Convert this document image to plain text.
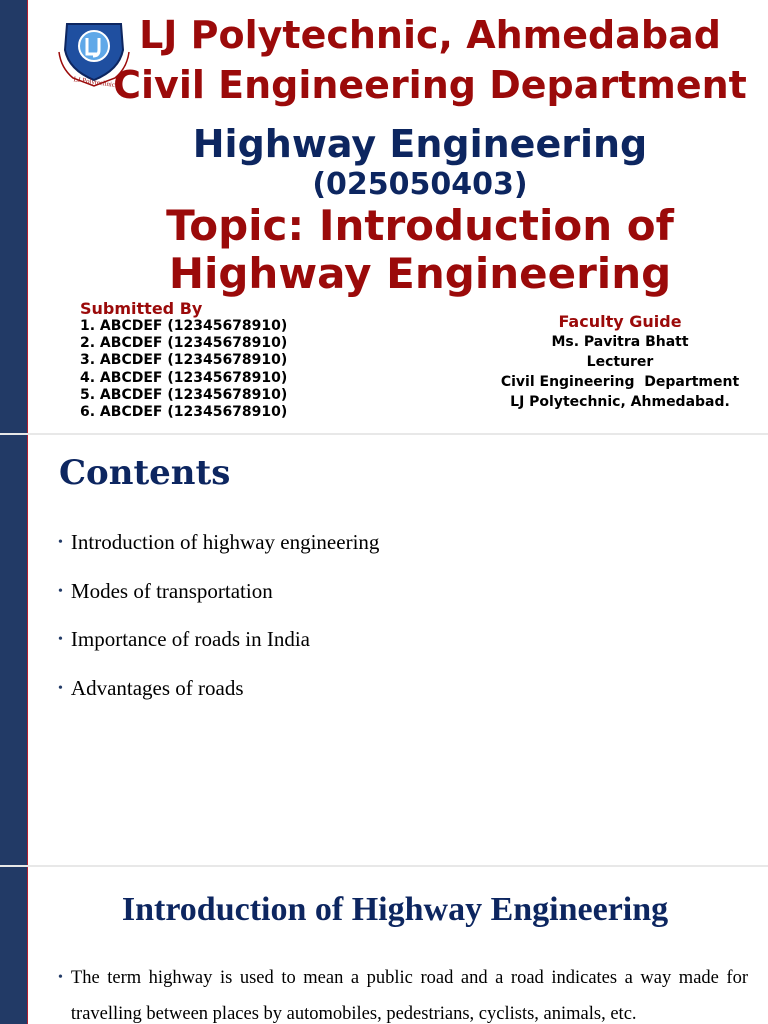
LJ Polytechnic
LJ Polytechnic, Ahmedabad
Civil Engineering Department
Highway Engineering
(025050403)
Topic: Introduction of
Highway Engineering
Submitted By
1. ABCDEF (12345678910)
2. ABCDEF (12345678910)
3. ABCDEF (12345678910)
4. ABCDEF (12345678910)
5. ABCDEF (12345678910)
6. ABCDEF (12345678910)
Faculty Guide
Ms. Pavitra Bhatt
Lecturer
Civil Engineering  Department
LJ Polytechnic, Ahmedabad.
Contents
• Introduction of highway engineering
• Modes of transportation
• Importance of roads in India
• Advantages of roads
Introduction of Highway Engineering
• The term highway is used to mean a public road and a road indicates a way made for travelling between places by automobiles, pedestrians, cyclists, animals, etc.
